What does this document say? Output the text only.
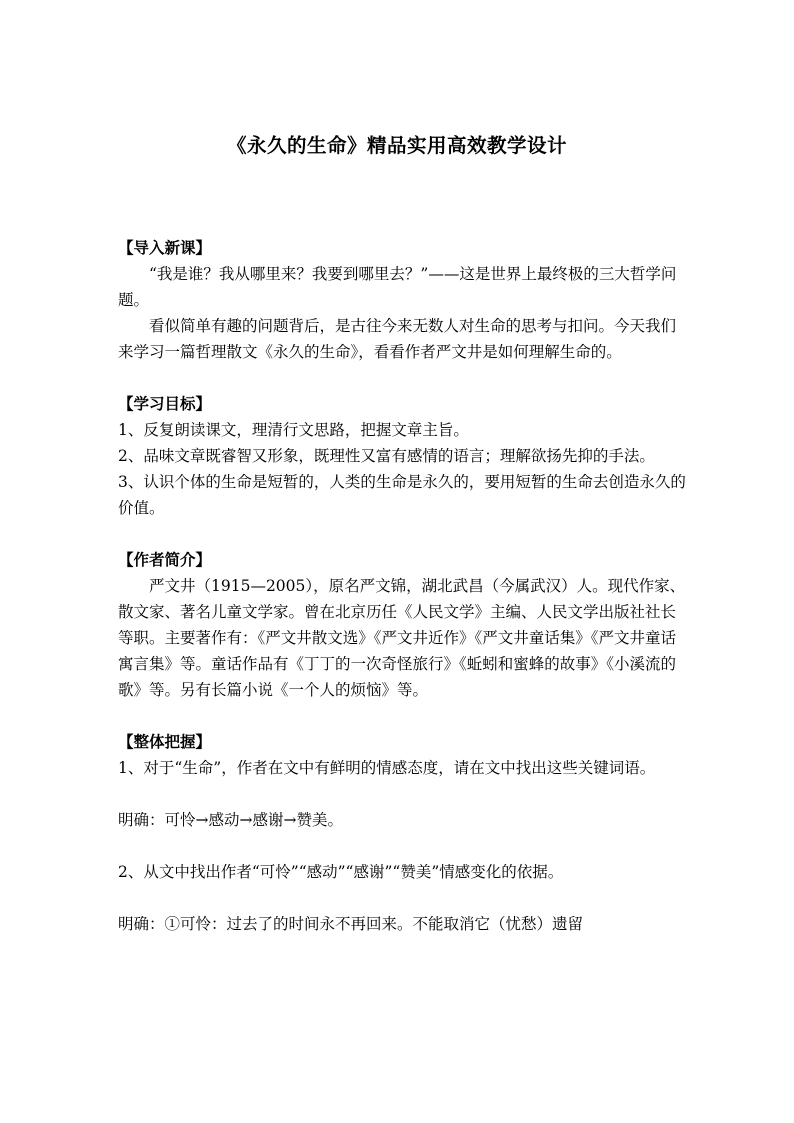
《永久的生命》精品实用高效教学设计

【导入新课】

“我是谁？我从哪里来？我要到哪里去？”——这是世界上最终极的三大哲学问题。

看似简单有趣的问题背后，是古往今来无数人对生命的思考与扣问。今天我们来学习一篇哲理散文《永久的生命》，看看作者严文井是如何理解生命的。

【学习目标】

1、反复朗读课文，理清行文思路，把握文章主旨。

2、品味文章既睿智又形象，既理性又富有感情的语言；理解欲扬先抑的手法。

3、认识个体的生命是短暂的，人类的生命是永久的，要用短暂的生命去创造永久的价值。

【作者简介】

严文井（1915—2005），原名严文锦，湖北武昌（今属武汉）人。现代作家、散文家、著名儿童文学家。曾在北京历任《人民文学》主编、人民文学出版社社长等职。主要著作有：《严文井散文选》《严文井近作》《严文井童话集》《严文井童话寓言集》等。童话作品有《丁丁的一次奇怪旅行》《蚯蚓和蜜蜂的故事》《小溪流的歌》等。另有长篇小说《一个人的烦恼》等。

【整体把握】

1、对于“生命”，作者在文中有鲜明的情感态度，请在文中找出这些关键词语。

明确：可怜→感动→感谢→赞美。

2、从文中找出作者“可怜”“感动”“感谢”“赞美”情感变化的依据。

明确：①可怜：过去了的时间永不再回来。不能取消它（忧愁）遗留
